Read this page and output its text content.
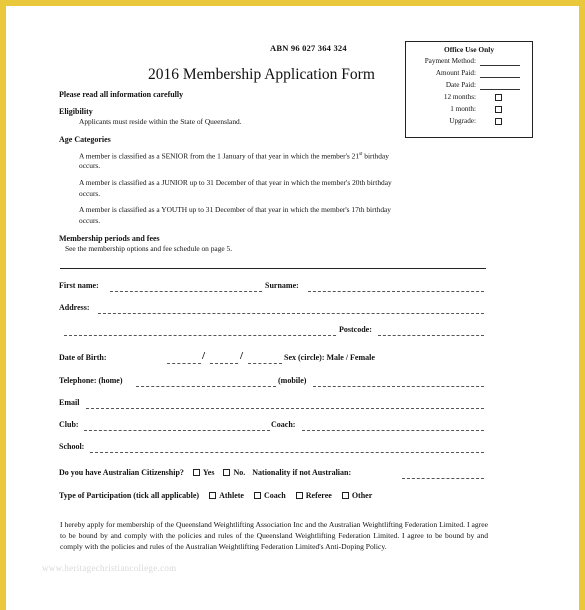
ABN 96 027 364 324
2016 Membership Application Form
Office Use Only
Payment Method:
Amount Paid:
Date Paid:
12 months:
1 month:
Upgrade:
Please read all information carefully
Eligibility
Applicants must reside within the State of Queensland.
Age Categories
A member is classified as a SENIOR from the 1 January of that year in which the member's 21st birthday
occurs.
A member is classified as a JUNIOR up to 31 December of that year in which the member's 20th birthday
occurs.
A member is classified as a YOUTH up to 31 December of that year in which the member's 17th birthday
occurs.
Membership periods and fees
See the membership options and fee schedule on page 5.
First name:	Surname:
Address:
Postcode:
Date of Birth:	/	/	Sex (circle): Male / Female
Telephone: (home)	(mobile)
Email
Club:	Coach:
School:
Do you have Australian Citizenship? Yes No. Nationality if not Australian:
Type of Participation (tick all applicable)	Athlete	Coach	Referee	Other
I hereby apply for membership of the Queensland Weightlifting Association Inc and the Australian Weightlifting Federation Limited. I agree to be bound by and comply with the policies and rules of the Queensland Weightlifting Federation Limited. I agree to be bound by and comply with the policies and rules of the Australian Weightlifting Federation Limited's Anti-Doping Policy.
www.heritagechristiancollege.com
